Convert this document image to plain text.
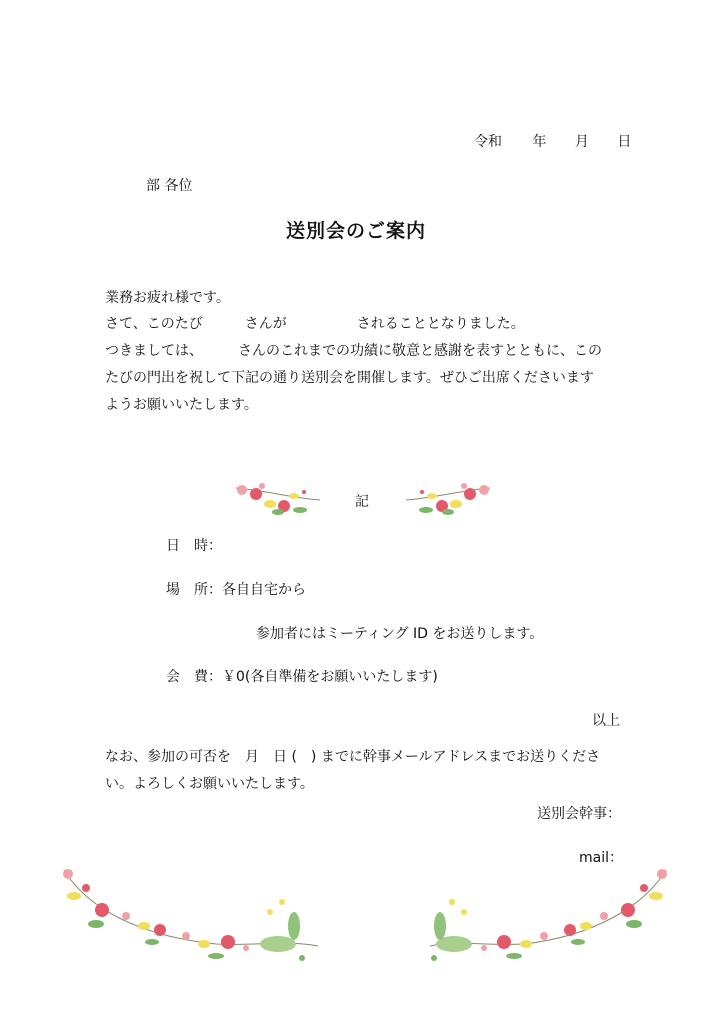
令和 年 月 日
部 各位
送別会のご案内
業務お疲れ様です。
さて、このたび　　　さんが　　　　　されることとなりました。
つきましては、　　　さんのこれまでの功績に敬意と感謝を表すとともに、この
たびの門出を祝して下記の通り送別会を開催します。ぜひご出席くださいます
ようお願いいたします。
記
日　時：
場　所：各自自宅から
参加者にはミーティング ID をお送りします。
会　費：￥0(各自準備をお願いいたします)
以上
なお、参加の可否を　月　日 (　) までに幹事メールアドレスまでお送りくださ
い。よろしくお願いいたします。
送別会幹事：
mail：
